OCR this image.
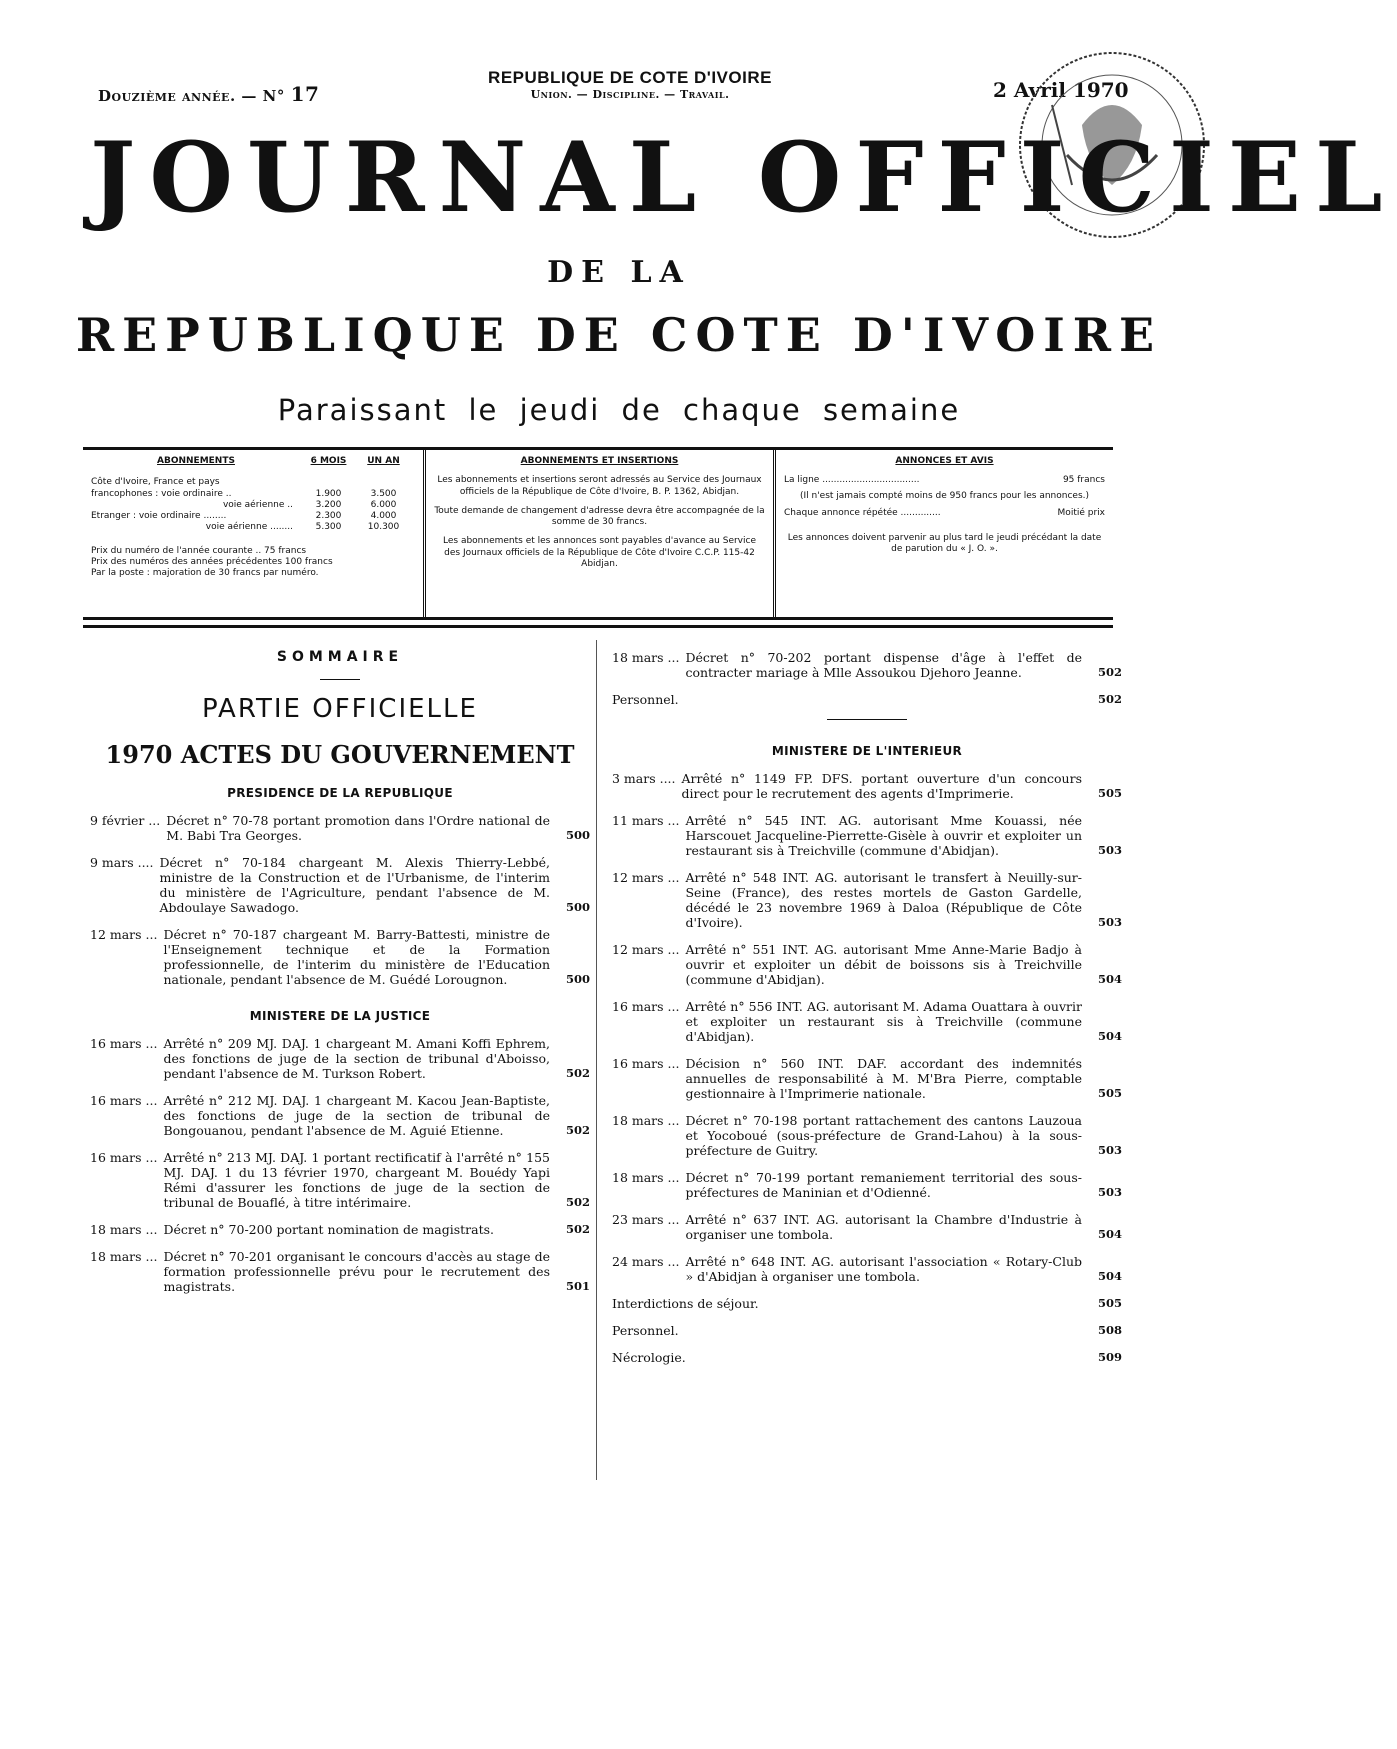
Douzième année. — N° 17
REPUBLIQUE DE COTE D'IVOIRE
Union. — Discipline. — Travail.	2 Avril 1970
JOURNAL OFFICIEL
DE LA
REPUBLIQUE DE COTE D'IVOIRE
Paraissant le jeudi de chaque semaine
ABONNEMENTS	6 MOIS	UN AN
Côte d'Ivoire, France et pays
francophones : voie ordinaire ..	1.900	3.500
voie aérienne ..	3.200	6.000
Etranger : voie ordinaire ........	2.300	4.000
voie aérienne ........	5.300	10.300
Prix du numéro de l'année courante .. 75 francs
Prix des numéros des années précédentes 100 francs
Par la poste : majoration de 30 francs par numéro.
ABONNEMENTS ET INSERTIONS

Les abonnements et insertions seront adressés au Service des Journaux officiels de la République de Côte d'Ivoire, B. P. 1362, Abidjan.

Toute demande de changement d'adresse devra être accompagnée de la somme de 30 francs.

Les abonnements et les annonces sont payables d'avance au Service des Journaux officiels de la République de Côte d'Ivoire C.C.P. 115-42 Abidjan.

ANNONCES ET AVIS
La ligne ..................................	95 francs
(Il n'est jamais compté moins de 950 francs pour les annonces.)
Chaque annonce répétée ..............	Moitié prix
Les annonces doivent parvenir au plus tard le jeudi précédant la date de parution du « J. O. ».
SOMMAIRE
PARTIE OFFICIELLE
1970 ACTES DU GOUVERNEMENT
PRESIDENCE DE LA REPUBLIQUE
9 février ... Décret n° 70-78 portant promotion dans l'Ordre national de M. Babi Tra Georges.	500
9 mars .... Décret n° 70-184 chargeant M. Alexis Thierry-Lebbé, ministre de la Construction et de l'Urbanisme, de l'interim du ministère de l'Agriculture, pendant l'absence de M. Abdoulaye Sawadogo.	500
12 mars ... Décret n° 70-187 chargeant M. Barry-Battesti, ministre de l'Enseignement technique et de la Formation professionnelle, de l'interim du ministère de l'Education nationale, pendant l'absence de M. Guédé Lorougnon.	500
MINISTERE DE LA JUSTICE
16 mars ... Arrêté n° 209 MJ. DAJ. 1 chargeant M. Amani Koffi Ephrem, des fonctions de juge de la section de tribunal d'Aboisso, pendant l'absence de M. Turkson Robert.	502
16 mars ... Arrêté n° 212 MJ. DAJ. 1 chargeant M. Kacou Jean-Baptiste, des fonctions de juge de la section de tribunal de Bongouanou, pendant l'absence de M. Aguié Etienne.	502
16 mars ... Arrêté n° 213 MJ. DAJ. 1 portant rectificatif à l'arrêté n° 155 MJ. DAJ. 1 du 13 février 1970, chargeant M. Bouédy Yapi Rémi d'assurer les fonctions de juge de la section de tribunal de Bouaflé, à titre intérimaire.	502
18 mars ... Décret n° 70-200 portant nomination de magistrats.	502
18 mars ... Décret n° 70-201 organisant le concours d'accès au stage de formation professionnelle prévu pour le recrutement des magistrats.	501
18 mars ... Décret n° 70-202 portant dispense d'âge à l'effet de contracter mariage à Mlle Assoukou Djehoro Jeanne.	502
Personnel.	502
MINISTERE DE L'INTERIEUR
3 mars .... Arrêté n° 1149 FP. DFS. portant ouverture d'un concours direct pour le recrutement des agents d'Imprimerie.	505
11 mars ... Arrêté n° 545 INT. AG. autorisant Mme Kouassi, née Harscouet Jacqueline-Pierrette-Gisèle à ouvrir et exploiter un restaurant sis à Treichville (commune d'Abidjan).	503
12 mars ... Arrêté n° 548 INT. AG. autorisant le transfert à Neuilly-sur-Seine (France), des restes mortels de Gaston Gardelle, décédé le 23 novembre 1969 à Daloa (République de Côte d'Ivoire).	503
12 mars ... Arrêté n° 551 INT. AG. autorisant Mme Anne-Marie Badjo à ouvrir et exploiter un débit de boissons sis à Treichville (commune d'Abidjan).	504
16 mars ... Arrêté n° 556 INT. AG. autorisant M. Adama Ouattara à ouvrir et exploiter un restaurant sis à Treichville (commune d'Abidjan).	504
16 mars ... Décision n° 560 INT. DAF. accordant des indemnités annuelles de responsabilité à M. M'Bra Pierre, comptable gestionnaire à l'Imprimerie nationale.	505
18 mars ... Décret n° 70-198 portant rattachement des cantons Lauzoua et Yocoboué (sous-préfecture de Grand-Lahou) à la sous-préfecture de Guitry.	503
18 mars ... Décret n° 70-199 portant remaniement territorial des sous-préfectures de Maninian et d'Odienné.	503
23 mars ... Arrêté n° 637 INT. AG. autorisant la Chambre d'Industrie à organiser une tombola.	504
24 mars ... Arrêté n° 648 INT. AG. autorisant l'association « Rotary-Club » d'Abidjan à organiser une tombola.	504
Interdictions de séjour.	505
Personnel.	508
Nécrologie.	509
